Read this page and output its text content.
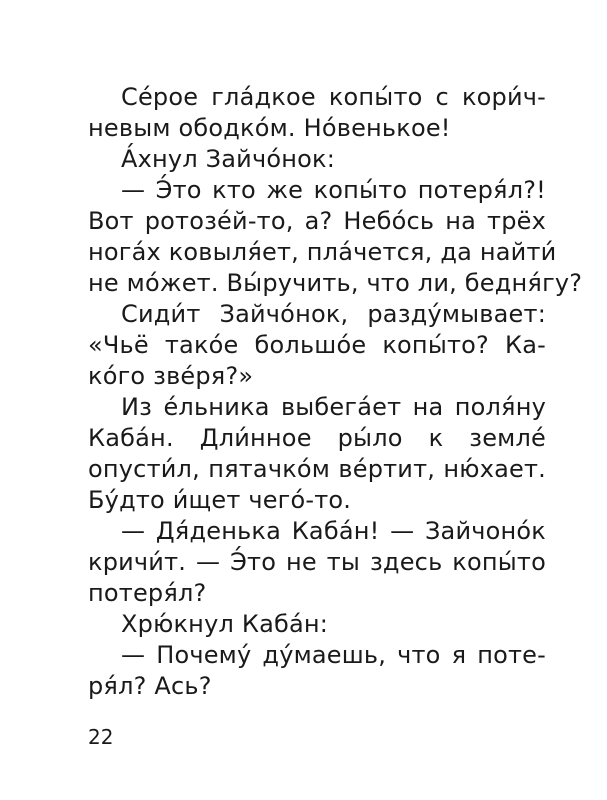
Се́рое гла́дкое копы́то с кори́ч-
невым ободко́м. Но́венькое!
А́хнул Зайчо́нок:
— Э́то кто же копы́то потеря́л?!
Вот ротозе́й-то, а? Небо́сь на трёх
нога́х ковыля́ет, пла́чется, да найти́
не мо́жет. Вы́ручить, что ли, бедня́гу?
Сиди́т Зайчо́нок, разду́мывает:
«Чьё тако́е большо́е копы́то? Ка-
ко́го звéря?»
Из е́льника выбега́ет на поля́ну
Каба́н. Дли́нное ры́ло к земле́
опусти́л, пятачко́м ве́ртит, ню́хает.
Бу́дто и́щет чего́-то.
— Дя́денька Каба́н! — Зайчоно́к
кричи́т. — Э́то не ты здесь копы́то
потеря́л?
Хрю́кнул Каба́н:
— Почему́ ду́маешь, что я поте-
ря́л? Ась?
22
